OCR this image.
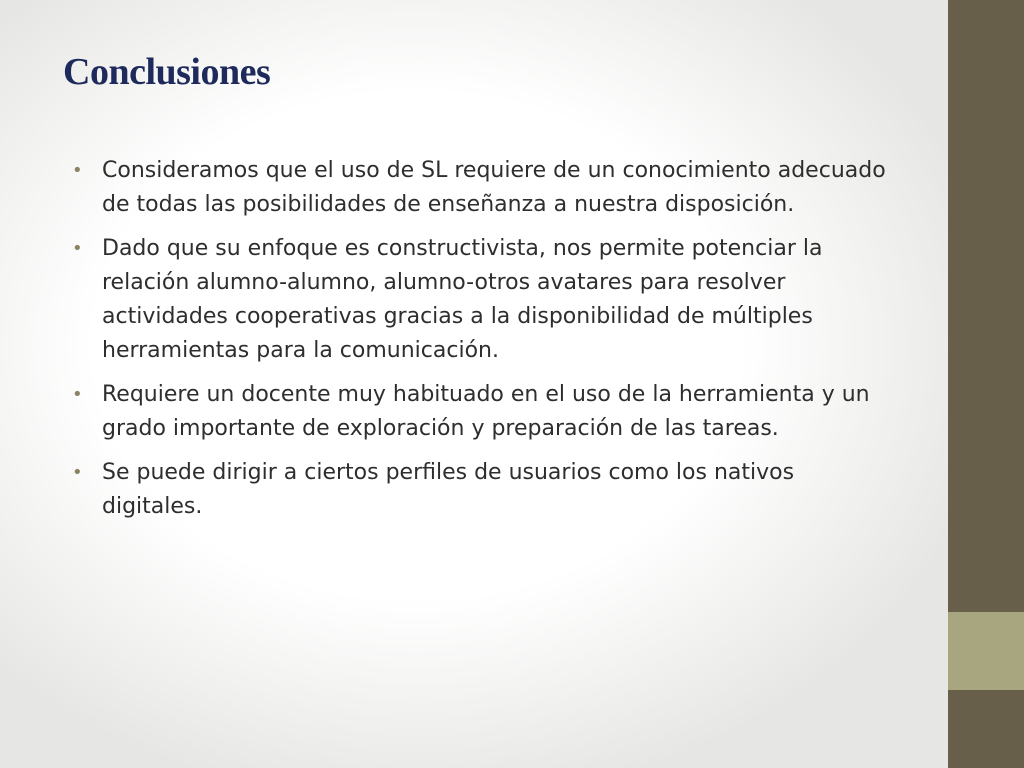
Conclusiones
• Consideramos que el uso de SL requiere de un conocimiento adecuado de todas las posibilidades de enseñanza a nuestra disposición.
• Dado que su enfoque es constructivista, nos permite potenciar la relación alumno-alumno, alumno-otros avatares para resolver actividades cooperativas gracias a la disponibilidad de múltiples herramientas para la comunicación.
• Requiere un docente muy habituado en el uso de la herramienta y un grado importante de exploración y preparación de las tareas.
• Se puede dirigir a ciertos perfiles de usuarios como los nativos digitales.
